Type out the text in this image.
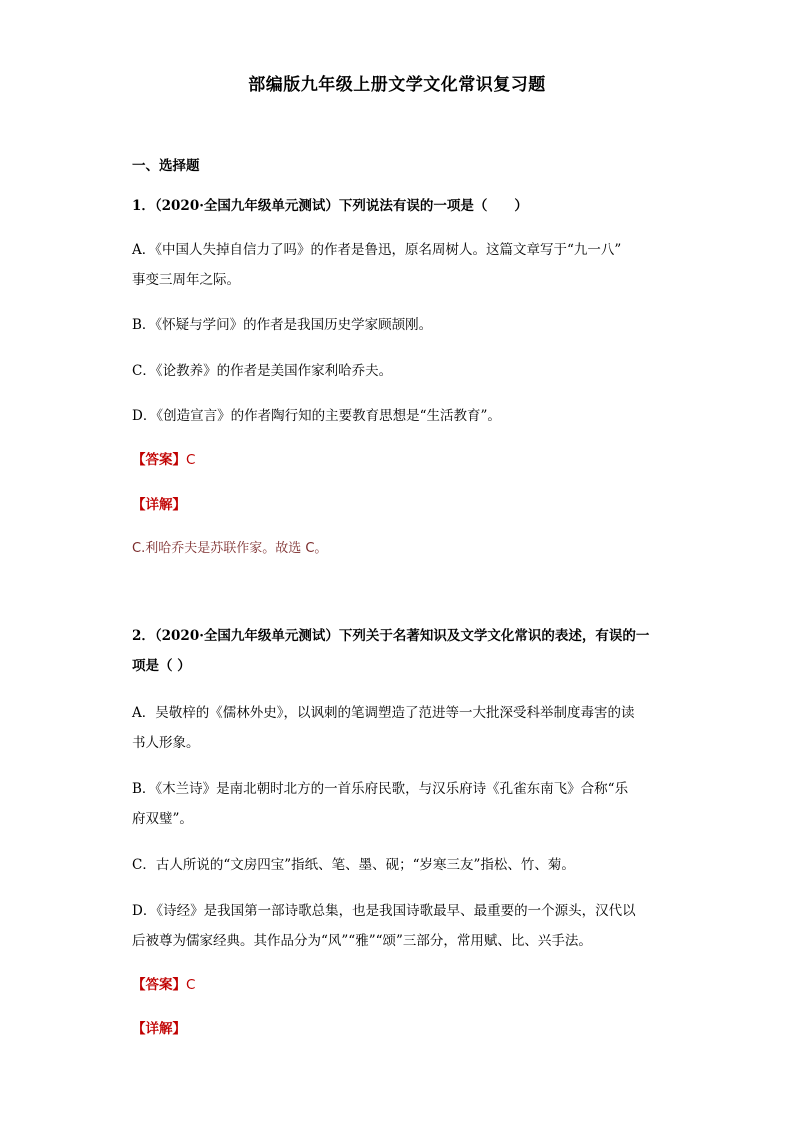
部编版九年级上册文学文化常识复习题
一、选择题
1．（2020·全国九年级单元测试）下列说法有误的一项是（　　）
A．《中国人失掉自信力了吗》的作者是鲁迅，原名周树人。这篇文章写于“九一八”
事变三周年之际。
B．《怀疑与学问》的作者是我国历史学家顾颉刚。
C．《论教养》的作者是美国作家利哈乔夫。
D．《创造宣言》的作者陶行知的主要教育思想是“生活教育”。
【答案】C
【详解】
C.利哈乔夫是苏联作家。故选 C。
2．（2020·全国九年级单元测试）下列关于名著知识及文学文化常识的表述，有误的一
项是（ ）
A．吴敬梓的《儒林外史》，以讽刺的笔调塑造了范进等一大批深受科举制度毒害的读
书人形象。
B．《木兰诗》是南北朝时北方的一首乐府民歌，与汉乐府诗《孔雀东南飞》合称“乐
府双璧”。
C．古人所说的“文房四宝”指纸、笔、墨、砚；“岁寒三友”指松、竹、菊。
D．《诗经》是我国第一部诗歌总集，也是我国诗歌最早、最重要的一个源头，汉代以
后被尊为儒家经典。其作品分为“风”“雅”“颂”三部分，常用赋、比、兴手法。
【答案】C
【详解】
